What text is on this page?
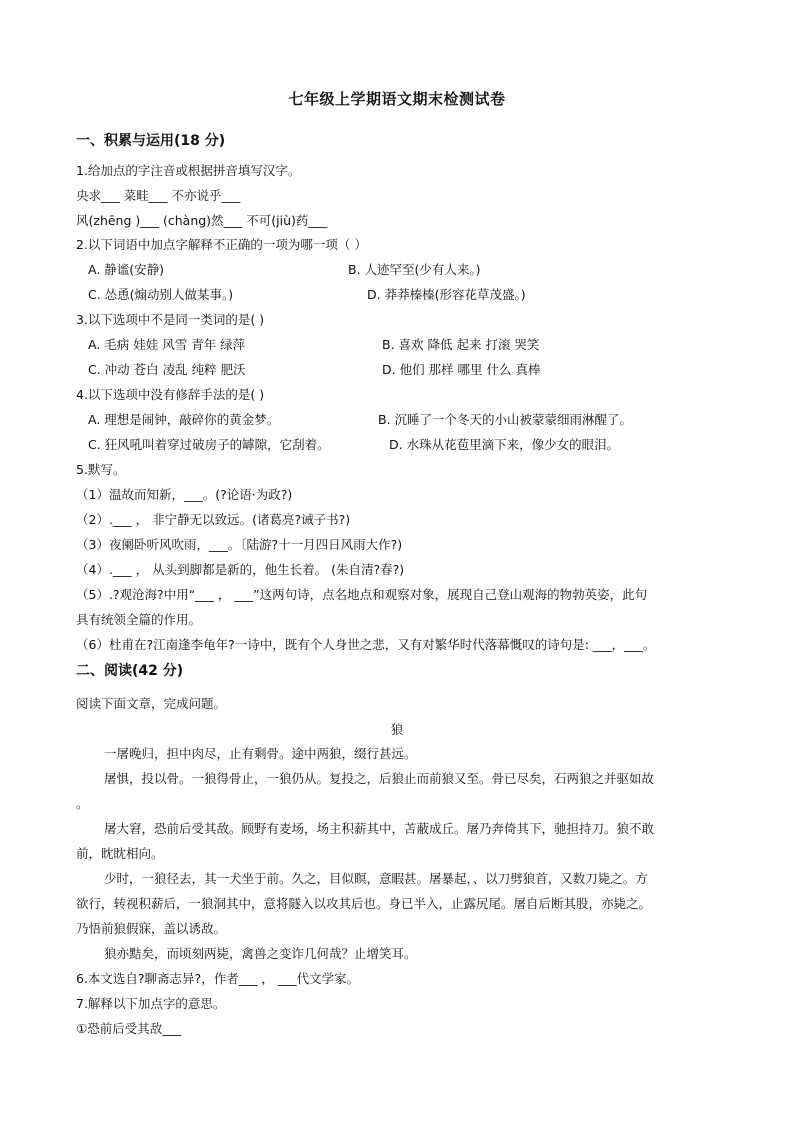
七年级上学期语文期末检测试卷
一、积累与运用(18 分)
1.给加点的字注音或根据拼音填写汉字。
央求___ 菜畦___ 不亦说乎___
风(zhēng )___ (chàng)然___ 不可(jiù)药___
2.以下词语中加点字解释不正确的一项为哪一项（ ）
A. 静谧(安静)	B. 人迹罕至(少有人来。)
C. 怂恿(煽动别人做某事。)	D. 莽莽榛榛(形容花草茂盛。)
3.以下选项中不是同一类词的是( )
A. 毛病 娃娃 风雪 青年 绿萍	B. 喜欢 降低 起来 打滚 哭笑
C. 冲动 苍白 凌乱 纯粹 肥沃	D. 他们 那样 哪里 什么 真棒
4.以下选项中没有修辞手法的是( )
A. 理想是闹钟，敲碎你的黄金梦。	B. 沉睡了一个冬天的小山被蒙蒙细雨淋醒了。
C. 狂风吼叫着穿过破房子的罅隙，它刮着。	D. 水珠从花苞里滴下来，像少女的眼泪。
5.默写。
（1）温故而知新，___。(?论语·为政?)
（2）.___ ， 非宁静无以致远。(诸葛亮?诫子书?)
（3）夜阑卧听风吹雨，___。〔陆游?十一月四日风雨大作?)
（4）.___ ， 从头到脚都是新的，他生长着。 (朱自清?春?)
（5）.?观沧海?中用“___ ， ___”这两句诗，点名地点和观察对象，展现自己登山观海的物勃英姿，此句
具有统领全篇的作用。
（6）杜甫在?江南逢李龟年?一诗中，既有个人身世之悲，又有对繁华时代落幕慨叹的诗句是: ___，___。
二、阅读(42 分)
阅读下面文章，完成问题。
狼
一屠晚归，担中肉尽，止有剩骨。途中两狼，缀行甚远。
屠惧，投以骨。一狼得骨止，一狼仍从。复投之，后狼止而前狼又至。骨已尽矣，石两狼之并驱如故
。
屠大窘，恐前后受其敌。顾野有麦场，场主积薪其中，苫蔽成丘。屠乃奔倚其下，驰担持刀。狼不敢
前，眈眈相向。
少时，一狼径去，其一犬坐于前。久之，目似瞑，意暇甚。屠暴起，、以刀劈狼首，又数刀毙之。方
欲行，转视积薪后，一狼洞其中，意将隧入以攻其后也。身已半入，止露尻尾。屠自后断其股，亦毙之。
乃悟前狼假寐，盖以诱敌。
狼亦黠矣，而顷刻两毙，禽兽之变诈几何哉？止增笑耳。
6.本文选自?聊斋志异?，作者___ ， ___代文学家。
7.解释以下加点字的意思。
①恐前后受其敌___
